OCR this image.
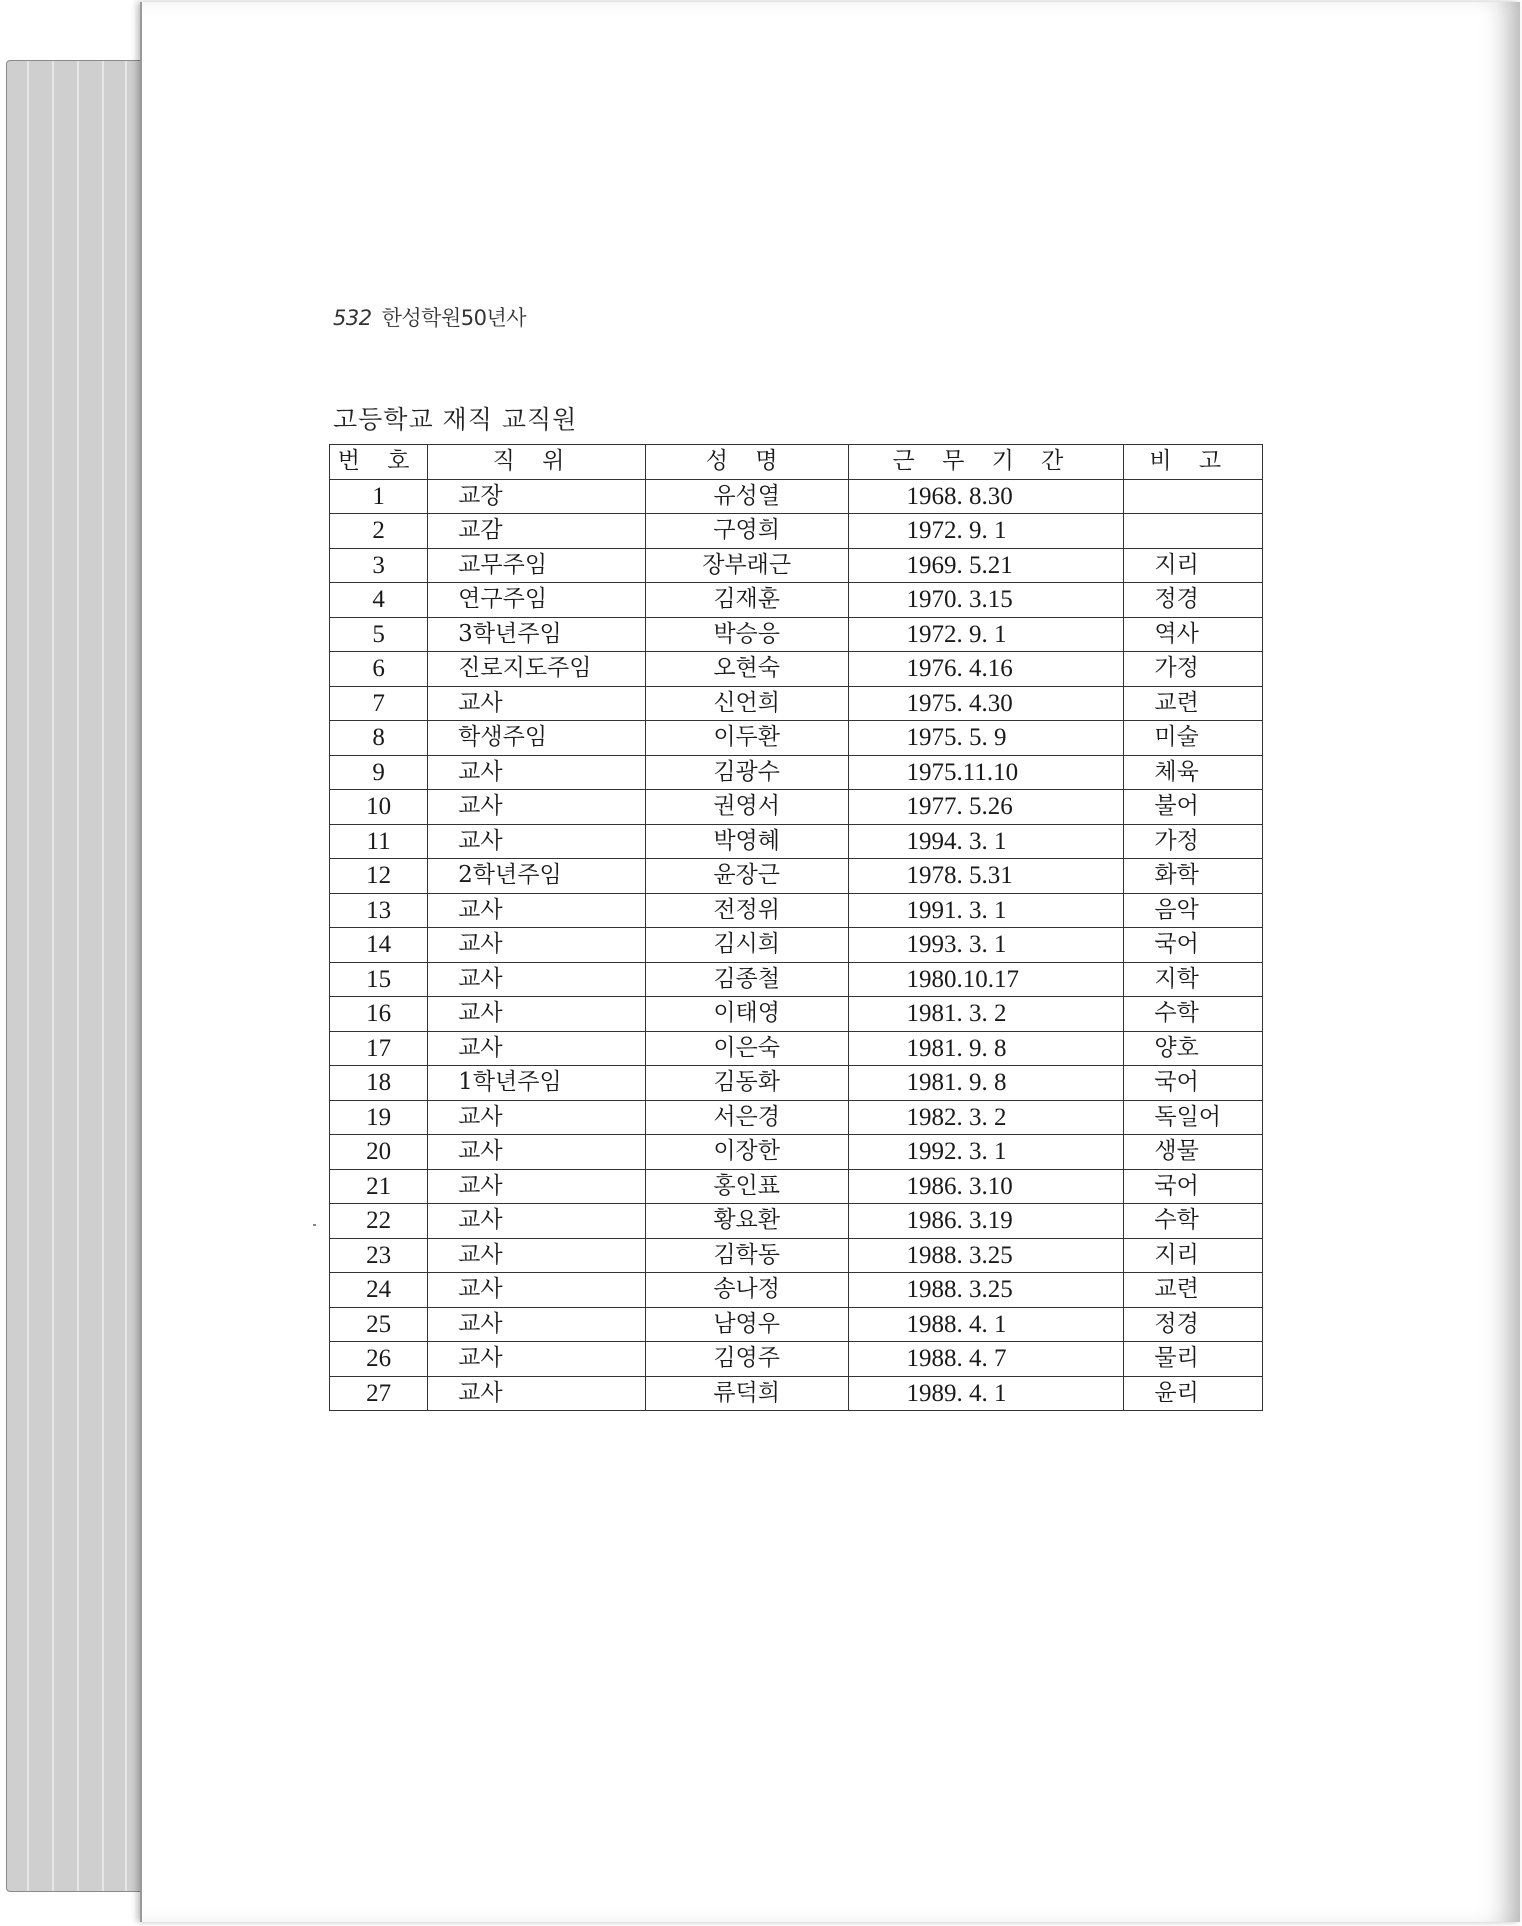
532 한성학원50년사
고등학교 재직 교직원
번 호	직 위	성 명	근 무 기 간	비 고
1	교장	유성열	1968. 8.30	
2	교감	구영희	1972. 9. 1	
3	교무주임	장부래근	1969. 5.21	지리
4	연구주임	김재훈	1970. 3.15	정경
5	3학년주임	박승응	1972. 9. 1	역사
6	진로지도주임	오현숙	1976. 4.16	가정
7	교사	신언희	1975. 4.30	교련
8	학생주임	이두환	1975. 5. 9	미술
9	교사	김광수	1975.11.10	체육
10	교사	권영서	1977. 5.26	불어
11	교사	박영혜	1994. 3. 1	가정
12	2학년주임	윤장근	1978. 5.31	화학
13	교사	전정위	1991. 3. 1	음악
14	교사	김시희	1993. 3. 1	국어
15	교사	김종철	1980.10.17	지학
16	교사	이태영	1981. 3. 2	수학
17	교사	이은숙	1981. 9. 8	양호
18	1학년주임	김동화	1981. 9. 8	국어
19	교사	서은경	1982. 3. 2	독일어
20	교사	이장한	1992. 3. 1	생물
21	교사	홍인표	1986. 3.10	국어
22	교사	황요환	1986. 3.19	수학
23	교사	김학동	1988. 3.25	지리
24	교사	송나정	1988. 3.25	교련
25	교사	남영우	1988. 4. 1	정경
26	교사	김영주	1988. 4. 7	물리
27	교사	류덕희	1989. 4. 1	윤리
